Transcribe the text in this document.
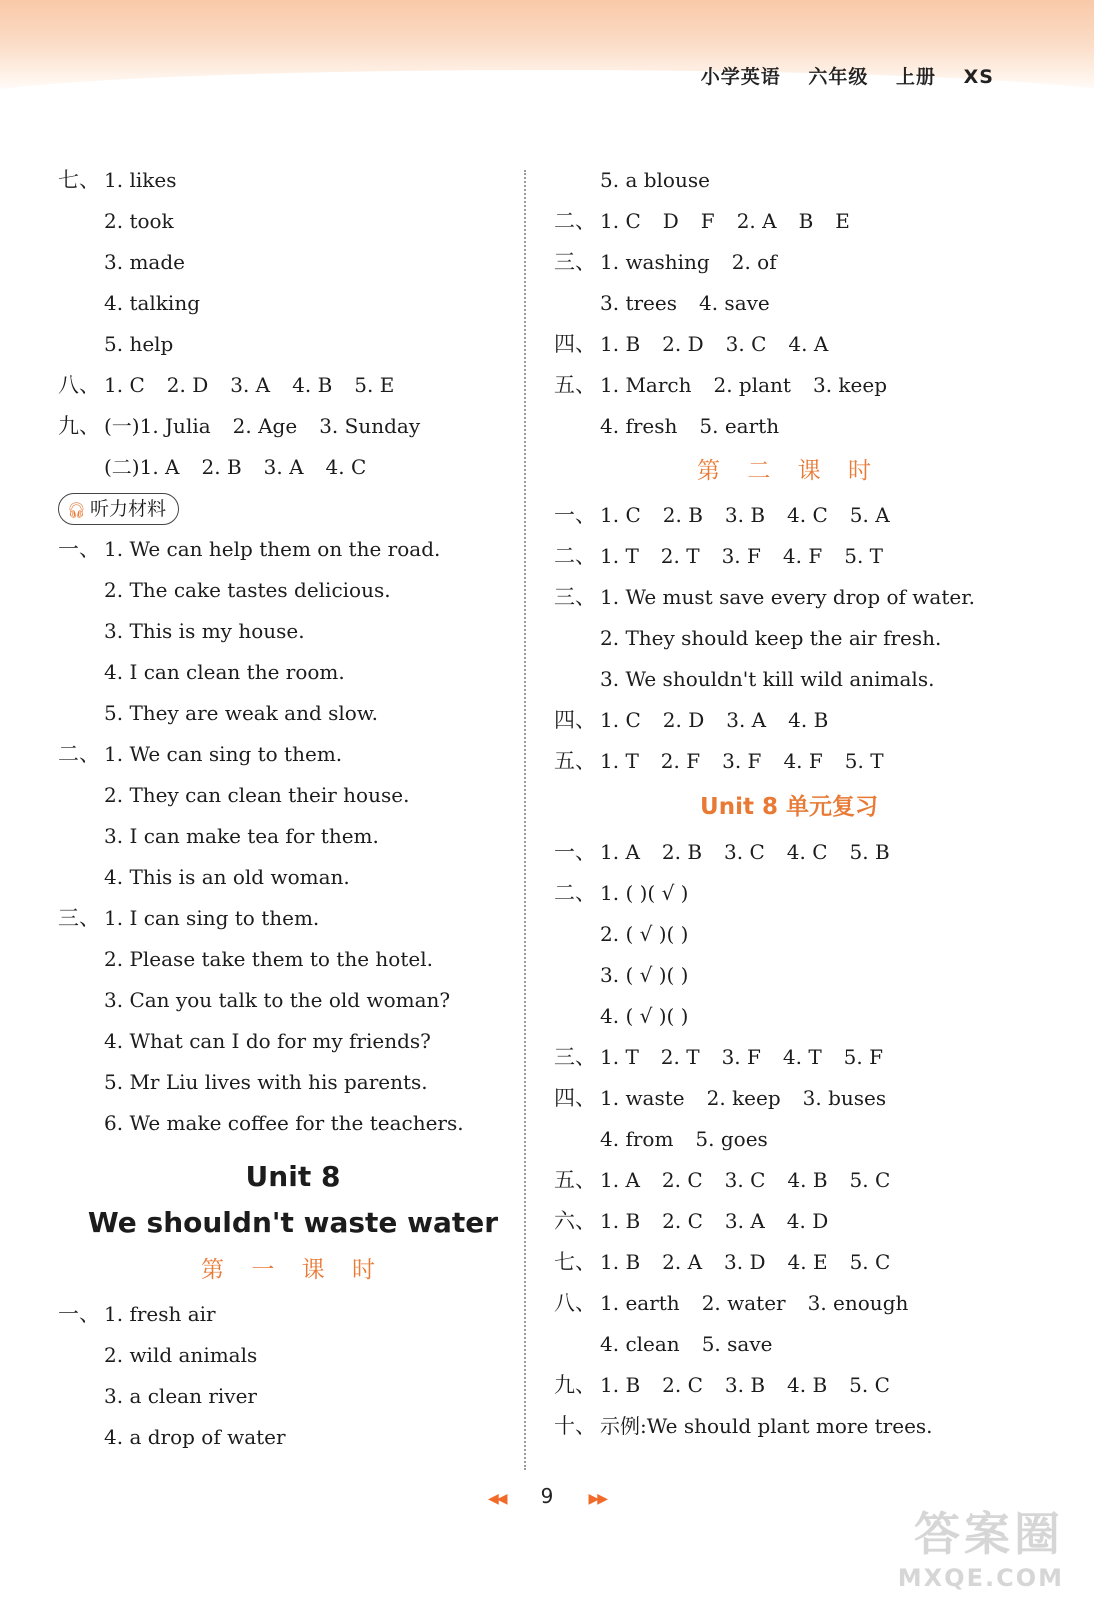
小学英语 六年级 上册 XS
七、 1. likes
2. took
3. made
4. talking
5. help
八、 1. C 2. D 3. A 4. B 5. E
九、 (一)1. Julia 2. Age 3. Sunday
(二)1. A 2. B 3. A 4. C
🎧︎ 听力材料
一、 1. We can help them on the road.
2. The cake tastes delicious.
3. This is my house.
4. I can clean the room.
5. They are weak and slow.
二、 1. We can sing to them.
2. They can clean their house.
3. I can make tea for them.
4. This is an old woman.
三、 1. I can sing to them.
2. Please take them to the hotel.
3. Can you talk to the old woman?
4. What can I do for my friends?
5. Mr Liu lives with his parents.
6. We make coffee for the teachers.
Unit 8
We shouldn't waste water
第 一 课 时
一、 1. fresh air
2. wild animals
3. a clean river
4. a drop of water
5. a blouse
二、 1. C D F 2. A B E
三、 1. washing 2. of
3. trees 4. save
四、 1. B 2. D 3. C 4. A
五、 1. March 2. plant 3. keep
4. fresh 5. earth
第 二 课 时
一、 1. C 2. B 3. B 4. C 5. A
二、 1. T 2. T 3. F 4. F 5. T
三、 1. We must save every drop of water.
2. They should keep the air fresh.
3. We shouldn't kill wild animals.
四、 1. C 2. D 3. A 4. B
五、 1. T 2. F 3. F 4. F 5. T
Unit 8 单元复习
一、 1. A 2. B 3. C 4. C 5. B
二、 1. ( )( √ )
2. ( √ )( )
3. ( √ )( )
4. ( √ )( )
三、 1. T 2. T 3. F 4. T 5. F
四、 1. waste 2. keep 3. buses
4. from 5. goes
五、 1. A 2. C 3. C 4. B 5. C
六、 1. B 2. C 3. A 4. D
七、 1. B 2. A 3. D 4. E 5. C
八、 1. earth 2. water 3. enough
4. clean 5. save
九、 1. B 2. C 3. B 4. B 5. C
十、 示例:We should plant more trees.
◀◀ 9	▶▶
答案圈
MXQE.COM
